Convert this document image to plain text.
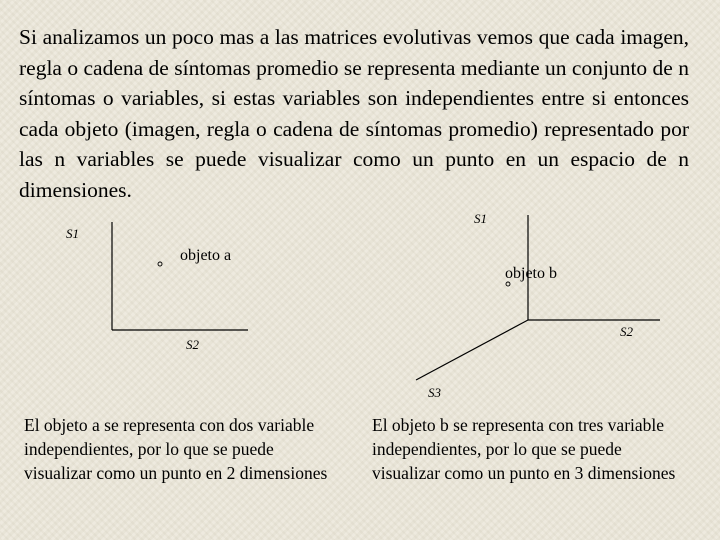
Si analizamos un poco mas a las matrices evolutivas vemos que cada imagen, regla o cadena de síntomas promedio se representa mediante un conjunto de n síntomas o variables, si estas variables son independientes entre si entonces cada objeto (imagen, regla o cadena de síntomas promedio) representado por las n variables se puede visualizar como un punto en un espacio de n dimensiones.

S1
S2
objeto a
S1
S2
S3
objeto b

El objeto a se representa con dos variable independientes, por lo que se puede visualizar como un punto en 2 dimensiones

El objeto b se representa con tres variable independientes, por lo que se puede visualizar como un punto en 3 dimensiones
